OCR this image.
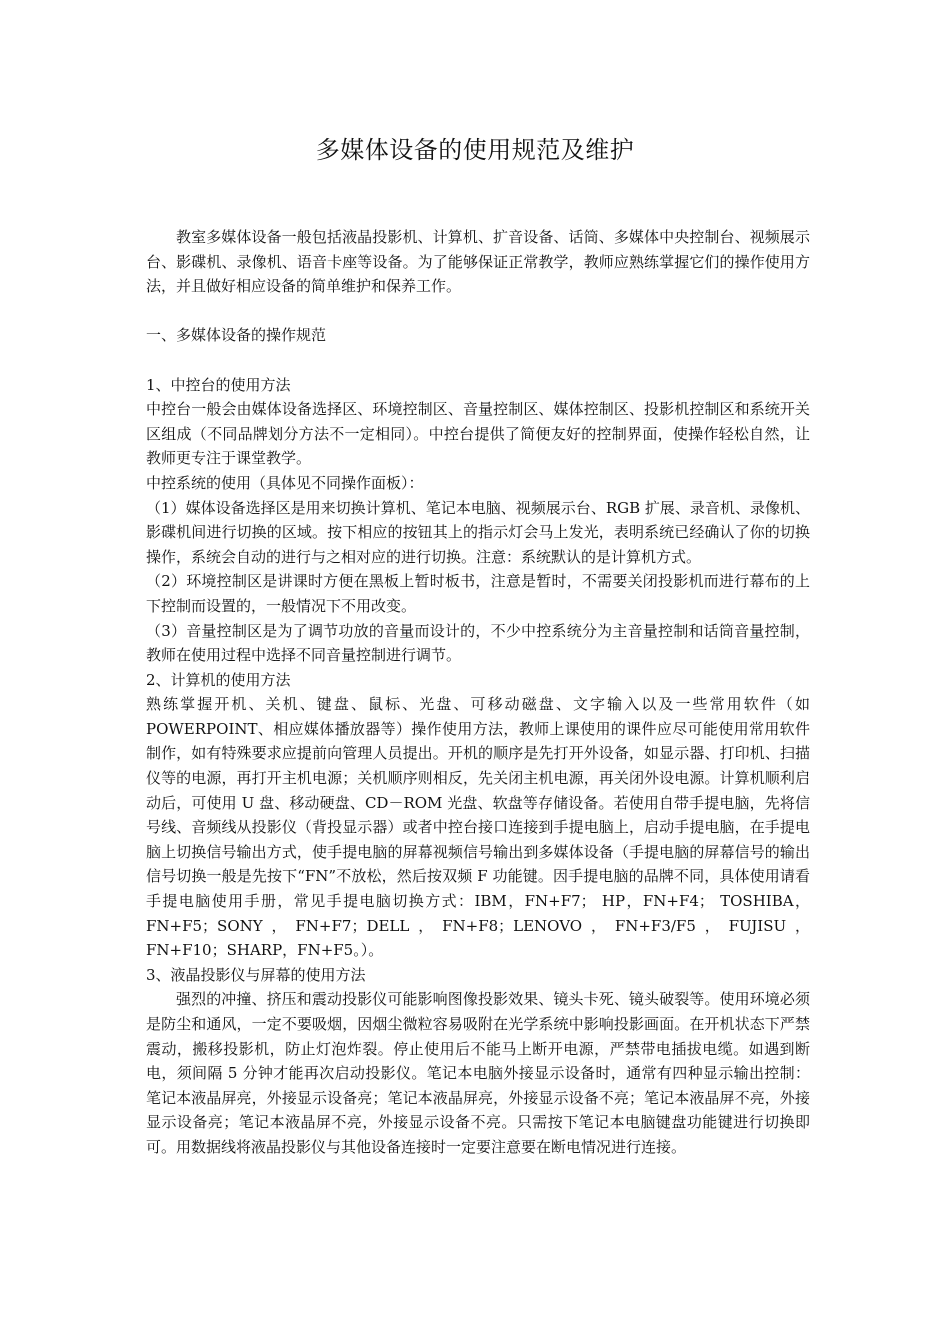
多媒体设备的使用规范及维护

教室多媒体设备一般包括液晶投影机、计算机、扩音设备、话筒、多媒体中央控制台、视频展示台、影碟机、录像机、语音卡座等设备。为了能够保证正常教学，教师应熟练掌握它们的操作使用方法，并且做好相应设备的简单维护和保养工作。

一、多媒体设备的操作规范

1、中控台的使用方法

中控台一般会由媒体设备选择区、环境控制区、音量控制区、媒体控制区、投影机控制区和系统开关区组成（不同品牌划分方法不一定相同）。中控台提供了简便友好的控制界面，使操作轻松自然，让教师更专注于课堂教学。

中控系统的使用（具体见不同操作面板）：

（1）媒体设备选择区是用来切换计算机、笔记本电脑、视频展示台、RGB 扩展、录音机、录像机、影碟机间进行切换的区域。按下相应的按钮其上的指示灯会马上发光，表明系统已经确认了你的切换操作，系统会自动的进行与之相对应的进行切换。注意：系统默认的是计算机方式。

（2）环境控制区是讲课时方便在黑板上暂时板书，注意是暂时，不需要关闭投影机而进行幕布的上下控制而设置的，一般情况下不用改变。

（3）音量控制区是为了调节功放的音量而设计的，不少中控系统分为主音量控制和话筒音量控制，教师在使用过程中选择不同音量控制进行调节。

2、计算机的使用方法

熟练掌握开机、关机、键盘、鼠标、光盘、可移动磁盘、文字输入以及一些常用软件（如POWERPOINT、相应媒体播放器等）操作使用方法，教师上课使用的课件应尽可能使用常用软件制作，如有特殊要求应提前向管理人员提出。开机的顺序是先打开外设备，如显示器、打印机、扫描仪等的电源，再打开主机电源；关机顺序则相反，先关闭主机电源，再关闭外设电源。计算机顺利启动后，可使用 U 盘、移动硬盘、CD－ROM 光盘、软盘等存储设备。若使用自带手提电脑，先将信号线、音频线从投影仪（背投显示器）或者中控台接口连接到手提电脑上，启动手提电脑，在手提电脑上切换信号输出方式，使手提电脑的屏幕视频信号输出到多媒体设备（手提电脑的屏幕信号的输出信号切换一般是先按下“FN”不放松，然后按双频 F 功能键。因手提电脑的品牌不同，具体使用请看手提电脑使用手册，常见手提电脑切换方式：IBM，FN+F7； HP，FN+F4； TOSHIBA，FN+F5；SONY，FN+F7；DELL，FN+F8；LENOVO，FN+F3/F5，FUJISU，FN+F10；SHARP，FN+F5。）。

3、液晶投影仪与屏幕的使用方法

强烈的冲撞、挤压和震动投影仪可能影响图像投影效果、镜头卡死、镜头破裂等。使用环境必须是防尘和通风，一定不要吸烟，因烟尘微粒容易吸附在光学系统中影响投影画面。在开机状态下严禁震动，搬移投影机，防止灯泡炸裂。停止使用后不能马上断开电源，严禁带电插拔电缆。如遇到断电，须间隔 5 分钟才能再次启动投影仪。笔记本电脑外接显示设备时，通常有四种显示输出控制：笔记本液晶屏亮，外接显示设备亮；笔记本液晶屏亮，外接显示设备不亮；笔记本液晶屏不亮，外接显示设备亮；笔记本液晶屏不亮，外接显示设备不亮。只需按下笔记本电脑键盘功能键进行切换即可。用数据线将液晶投影仪与其他设备连接时一定要注意要在断电情况进行连接。
